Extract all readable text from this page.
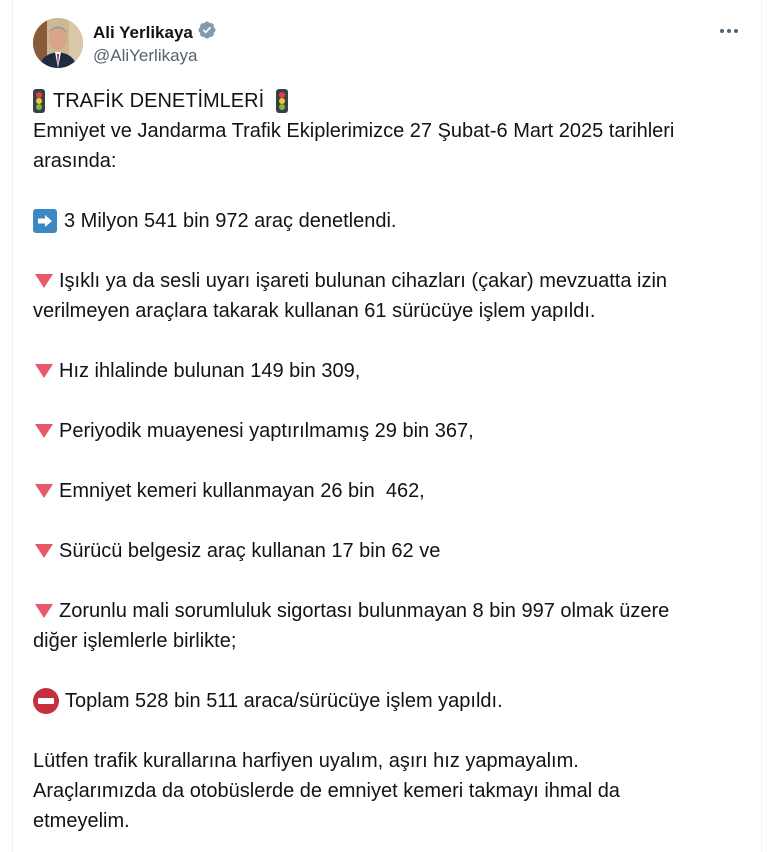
Ali Yerlikaya
@AliYerlikaya
TRAFİK DENETİMLERİ
Emniyet ve Jandarma Trafik Ekiplerimizce 27 Şubat-6 Mart 2025 tarihleri
arasında:
3 Milyon 541 bin 972 araç denetlendi.
Işıklı ya da sesli uyarı işareti bulunan cihazları (çakar) mevzuatta izin
verilmeyen araçlara takarak kullanan 61 sürücüye işlem yapıldı.
Hız ihlalinde bulunan 149 bin 309,
Periyodik muayenesi yaptırılmamış 29 bin 367,
Emniyet kemeri kullanmayan 26 bin  462,
Sürücü belgesiz araç kullanan 17 bin 62 ve
Zorunlu mali sorumluluk sigortası bulunmayan 8 bin 997 olmak üzere
diğer işlemlerle birlikte;
Toplam 528 bin 511 araca/sürücüye işlem yapıldı.
Lütfen trafik kurallarına harfiyen uyalım, aşırı hız yapmayalım.
Araçlarımızda da otobüslerde de emniyet kemeri takmayı ihmal da
etmeyelim.
